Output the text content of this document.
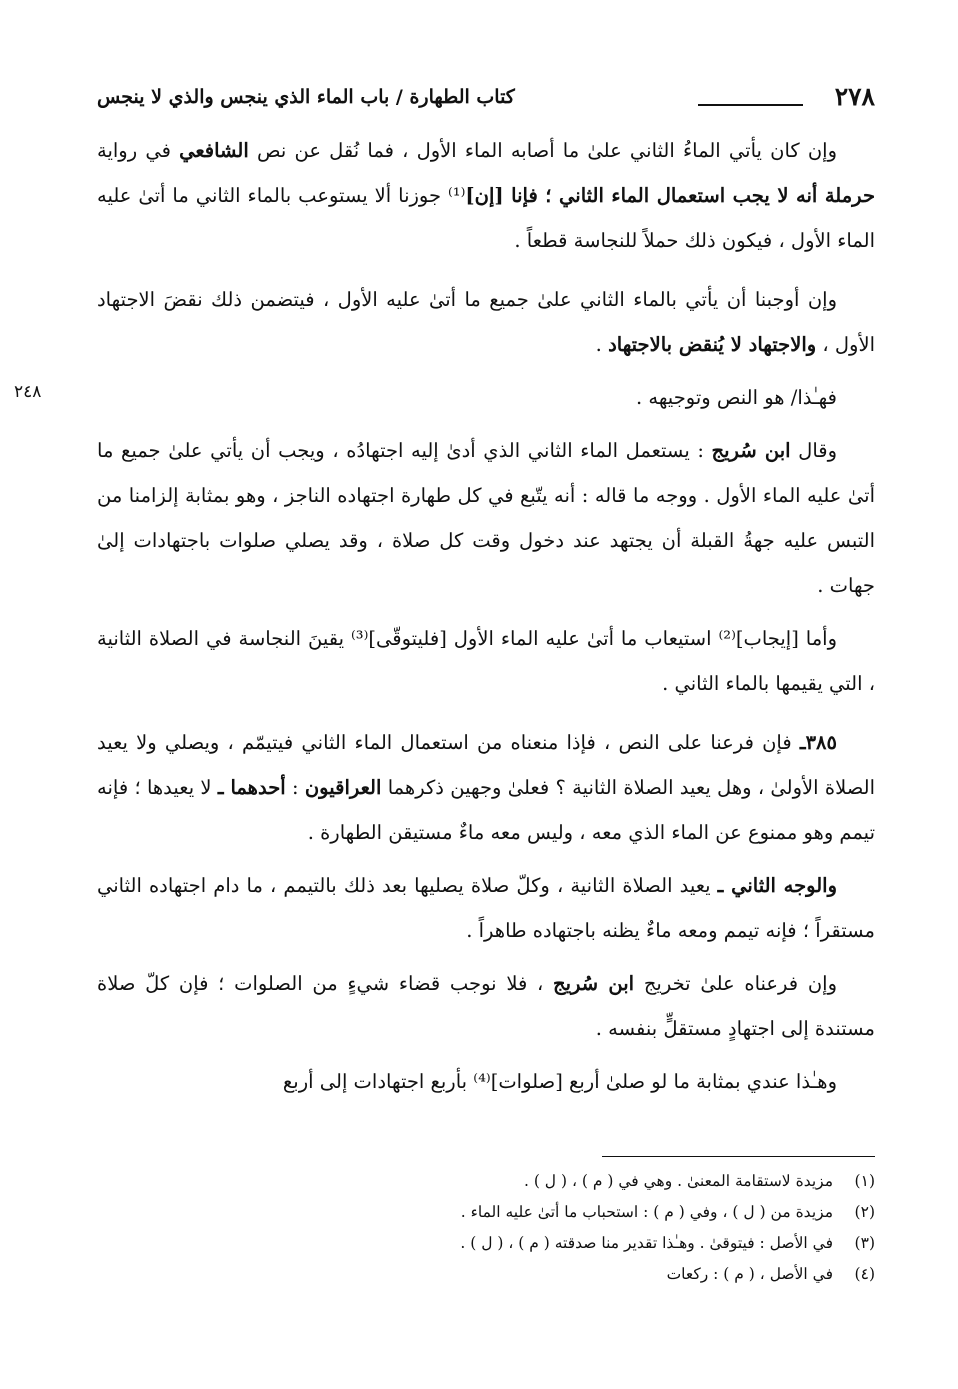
٢٧٨
كتاب الطهارة / باب الماء الذي ينجس والذي لا ينجس

وإن كان يأتي الماءُ الثاني علىٰ ما أصابه الماء الأول ، فما نُقل عن نص الشافعي في رواية حرملة أنه لا يجب استعمال الماء الثاني ؛ فإنا [إن]⁽¹⁾ جوزنا ألا يستوعب بالماء الثاني ما أتىٰ عليه الماء الأول ، فيكون ذلك حملاً للنجاسة قطعاً .

وإن أوجبنا أن يأتي بالماء الثاني علىٰ جميع ما أتىٰ عليه الأول ، فيتضمن ذلك نقضَ الاجتهاد الأول ، والاجتهاد لا يُنقض بالاجتهاد .

فهـٰذا/ هو النص وتوجيهه .

وقال ابن سُريج : يستعمل الماء الثاني الذي أدىٰ إليه اجتهادُه ، ويجب أن يأتي علىٰ جميع ما أتىٰ عليه الماء الأول . ووجه ما قاله : أنه يتّبع في كل طهارة اجتهاده الناجز ، وهو بمثابة إلزامنا من التبس عليه جهةُ القبلة أن يجتهد عند دخول وقت كل صلاة ، وقد يصلي صلوات باجتهادات إلىٰ جهات .

وأما [إيجاب]⁽²⁾ استيعاب ما أتىٰ عليه الماء الأول [فليتوقّى]⁽³⁾ يقينَ النجاسة في الصلاة الثانية ، التي يقيمها بالماء الثاني .

٣٨٥ـ فإن فرعنا على النص ، فإذا منعناه من استعمال الماء الثاني فيتيمّم ، ويصلي ولا يعيد الصلاة الأولىٰ ، وهل يعيد الصلاة الثانية ؟ فعلىٰ وجهين ذكرهما العراقيون : أحدهما ـ لا يعيدها ؛ فإنه تيمم وهو ممنوع عن الماء الذي معه ، وليس معه ماءٌ مستيقن الطهارة .

والوجه الثاني ـ يعيد الصلاة الثانية ، وكلّ صلاة يصليها بعد ذلك بالتيمم ، ما دام اجتهاده الثاني مستقراً ؛ فإنه تيمم ومعه ماءٌ يظنه باجتهاده طاهراً .

وإن فرعناه علىٰ تخريج ابن سُريج ، فلا نوجب قضاء شيءٍ من الصلوات ؛ فإن كلّ صلاة مستندة إلى اجتهادٍ مستقلٍّ بنفسه .

وهـٰذا عندي بمثابة ما لو صلىٰ أربع [صلوات]⁽⁴⁾ بأربع اجتهادات إلى أربع

٢٤٨
(١)مزيدة لاستقامة المعنىٰ . وهي في ( م ) ، ( ل ) .
(٢)مزيدة من ( ل ) ، وفي ( م ) : استحباب ما أتىٰ عليه الماء .
(٣)في الأصل : فيتوقىٰ . وهـٰذا تقدير منا صدقته ( م ) ، ( ل ) .
(٤)في الأصل ، ( م ) : ركعات
